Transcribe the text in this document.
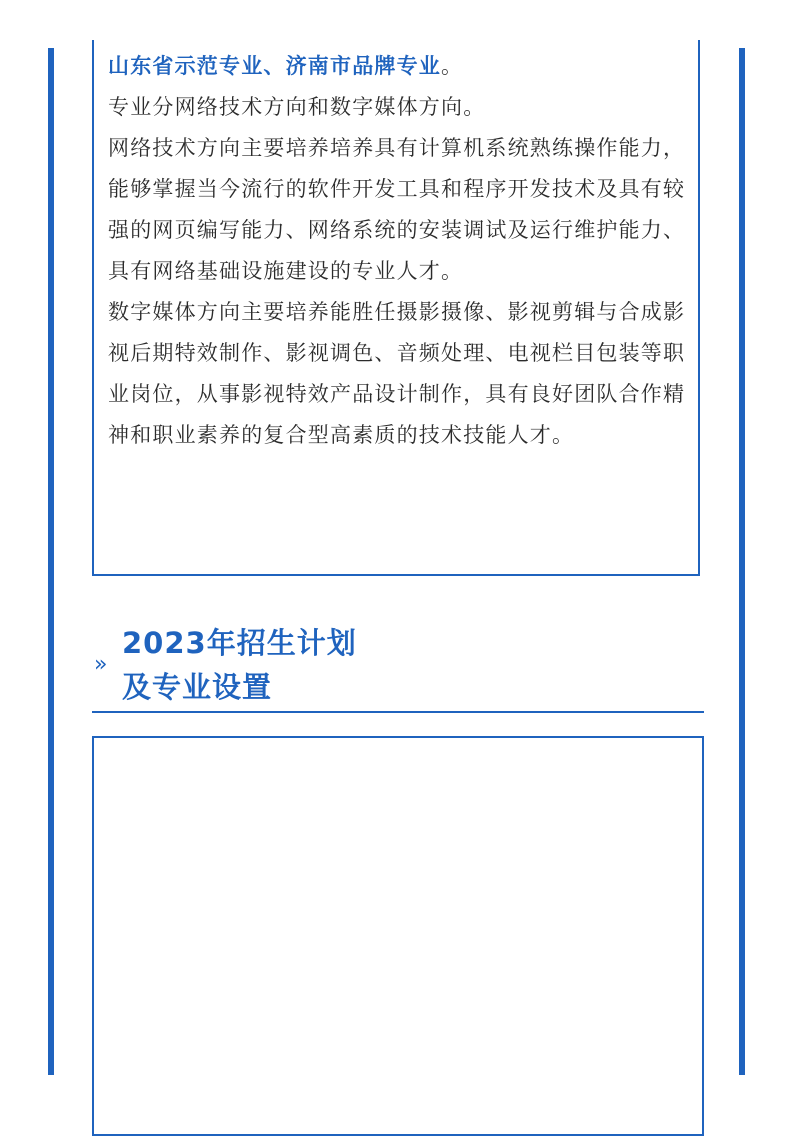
山东省示范专业、济南市品牌专业。

专业分网络技术方向和数字媒体方向。

网络技术方向主要培养培养具有计算机系统熟练操作能力，能够掌握当今流行的软件开发工具和程序开发技术及具有较强的网页编写能力、网络系统的安装调试及运行维护能力、具有网络基础设施建设的专业人才。

数字媒体方向主要培养能胜任摄影摄像、影视剪辑与合成影视后期特效制作、影视调色、音频处理、电视栏目包装等职业岗位，从事影视特效产品设计制作，具有良好团队合作精神和职业素养的复合型高素质的技术技能人才。

»
2023年招生计划
及专业设置
